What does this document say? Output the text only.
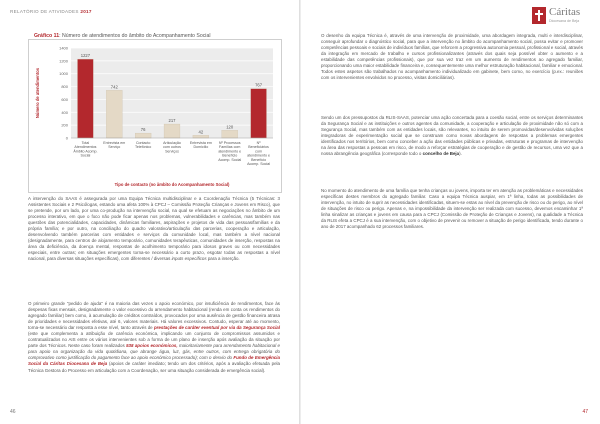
RELATÓRIO DE ATIVIDADES 2017
Gráfico 11: Número de atendimentos do âmbito do Acompanhamento Social
0
200
400
600
800
1000
1200
1400
Número de atendimentos
1227
Total Atendimentos Âmbito Acomp. Social
742
Entrevista em Serviço
76
Contacto Telefónico
217
Articulação com outros Serviços
42
Entrevista em Domicílio
120
Nº Processos Famílias com atendimento e Benefício Acomp. Social
767
Nº Beneficiários com atendimento e Benefício Acomp. Social
Tipo de contacto (no âmbito do Acompanhamento Social)

A intervenção do SAAS é assegurada por uma Equipa Técnica multidisciplinar e a Coordenação Técnica (5 Técnicas: 3 Assistentes Sociais e 2 Psicólogas, estando uma afeta 100% à CPCJ – Comissão Proteção Crianças e Jovens em Risco), que se pretende, por um lado, por uma co-produção na intervenção social, na qual se efetuam as negociações no âmbito de um processo interativo, em que o foco não pode ficar apenas nos problemas, vulnerabilidades e carências, mas também nas questões das potencialidades, capacidades, dinâmicas familiares, aspirações e projetos de vida das pessoas/famílias e da própria família; e por outro, na conciliação do quadro valorativo/articulação das parcerias, cooperação e articulação, desenvolvendo também parcerias com entidades e serviços da comunidade local, mas também a nível nacional (designadamente, para centros de alojamento temporário, comunidades terapêuticas, comunidades de inserção, respostas na área da deficiência, da doença mental, respostas de acolhimento temporário para idosos graves ou com necessidades especiais, entre outras; em situações emergentes torna-se necessário a curto prazo, esgotar todas as respostas a nível nacional, para diversas situações específicas), com diferentes / diversas inputs especificos para a inserção.

O primeiro grande "pedido de ajuda" é na maioria das vezes o apoio económico, por insuficiência de rendimentos, face às despesas fixas mensais, designadamente o valor excessivo do arrendamento habitacional (renda em conta os rendimentos do agregado familiar) bem como, à acumulação de créditos contraídos, provocados por uma ausência de gestão financeira atrasa de prioridades e necessidades efetivas, até 6, valores materiais. Há valores excessivos. Contudo, esperar até ao momento, torna-se necessário dar resposta a esse nível, tanto através de prestações de caráter eventual por via da Segurança Social (este que complementa a atribuição de carência económica, implicando um conjunto de compromissos assumidos e contratualizados no AIS entre os vários intervenientes sob a forma de um plano de inserção após avaliação da situação por parte dos Técnicos. Neste caso foram realizados 538 apoios económicos, maioritariamente para arrendamento habitacional e para apoio na organização da vida quotidiana, que abrange água, luz, gás, entre outros, com entrega obrigatória do comprovativo como justificação do pagamento face ao apoio económico processado); com o desvio do Fundo de Emergência Social da Cáritas Diocesana de Beja (apoios de caráter imediato; tendo um dos critérios, após a avaliação efetuada pela Técnica Gestora do Processo em articulação com a Coordenação, ser uma situação considerada de emergência social).

46
Cáritas
Diocesana de Beja

O desenho da equipa Técnica é, através de uma intervenção de proximidade, uma abordagem integrada, multi e interdisciplinar, conseguir aprofundar o diagnóstico social, para que a intervenção no âmbito do acompanhamento social, possa evitar e promover competências pessoais e sociais de indivíduos famílias, que reforcem a progressiva autonomia pessoal, profissional e social, através da integração em mercado de trabalho e cursos profissionalizantes (através dos quais seja possível obter o aumento e a estabilidade das competências profissionais), que por sua vez traz em um aumento de rendimentos ao agregado familiar, proporcionando uma maior estabilidade financeira e, consequentemente uma melhor estruturação habitacional, familiar e emocional. Todos estes aspetos são trabalhados no acompanhamento individualizado em gabinete, bem como, no exercício (p.ex.: reuniões com os intervenientes envolvidos no processo, visitas domiciliárias).

Sendo um dos pressupostos da RLIS-SAAS, potenciar uma ação concertada para a coesão social, entre os serviços determinantes da Segurança Social e as instituições e outros agentes da comunidade, a cooperação e articulação de proximidade não só com a Segurança Social, mas também com as entidades locais, são relevantes, no intuito de serem promovidas/desenvolvidas soluções integradoras de experimentação social que se construam como novas abordagens de respostas a problemas emergentes identificados nos territórios, bem como conceber a ação das entidades públicas e privadas, estruturas e programas de intervenção na área das respostas a pessoas em risco, de modo a reforçar estratégias de cooperação e de gestão de recursos, uma vez que a nossa abrangência geográfica (corresponde todo o concelho de Beja).

No momento do atendimento de uma família que tenha crianças ou jovens, importa ter em atenção as problemáticas e necessidades específicas destes membros do agregado familiar. Caso a equipa Técnica auspiar, em 1ª linha, todas as possibilidades de intervenção, no intuito de suprir as necessidades identificadas, situem-se estas ao nível da prevenção de risco ou do perigo, ao nível de situações de risco ou perigo. Apenas e, na impossibilidade da intervenção ser realizada com sucesso, devemos encaminhar 1ª linha sinalizar as crianças e jovens em causa para a CPCJ (Comissão de Proteção de Crianças e Jovens), na qualidade a Técnica da RLIS efeta a CPCJ é a sua intervenção, com o objetivo de prevenir ou remover a situação de perigo identificada, tendo durante o ano de 2017 acompanhado 62 processos familiares.

47
